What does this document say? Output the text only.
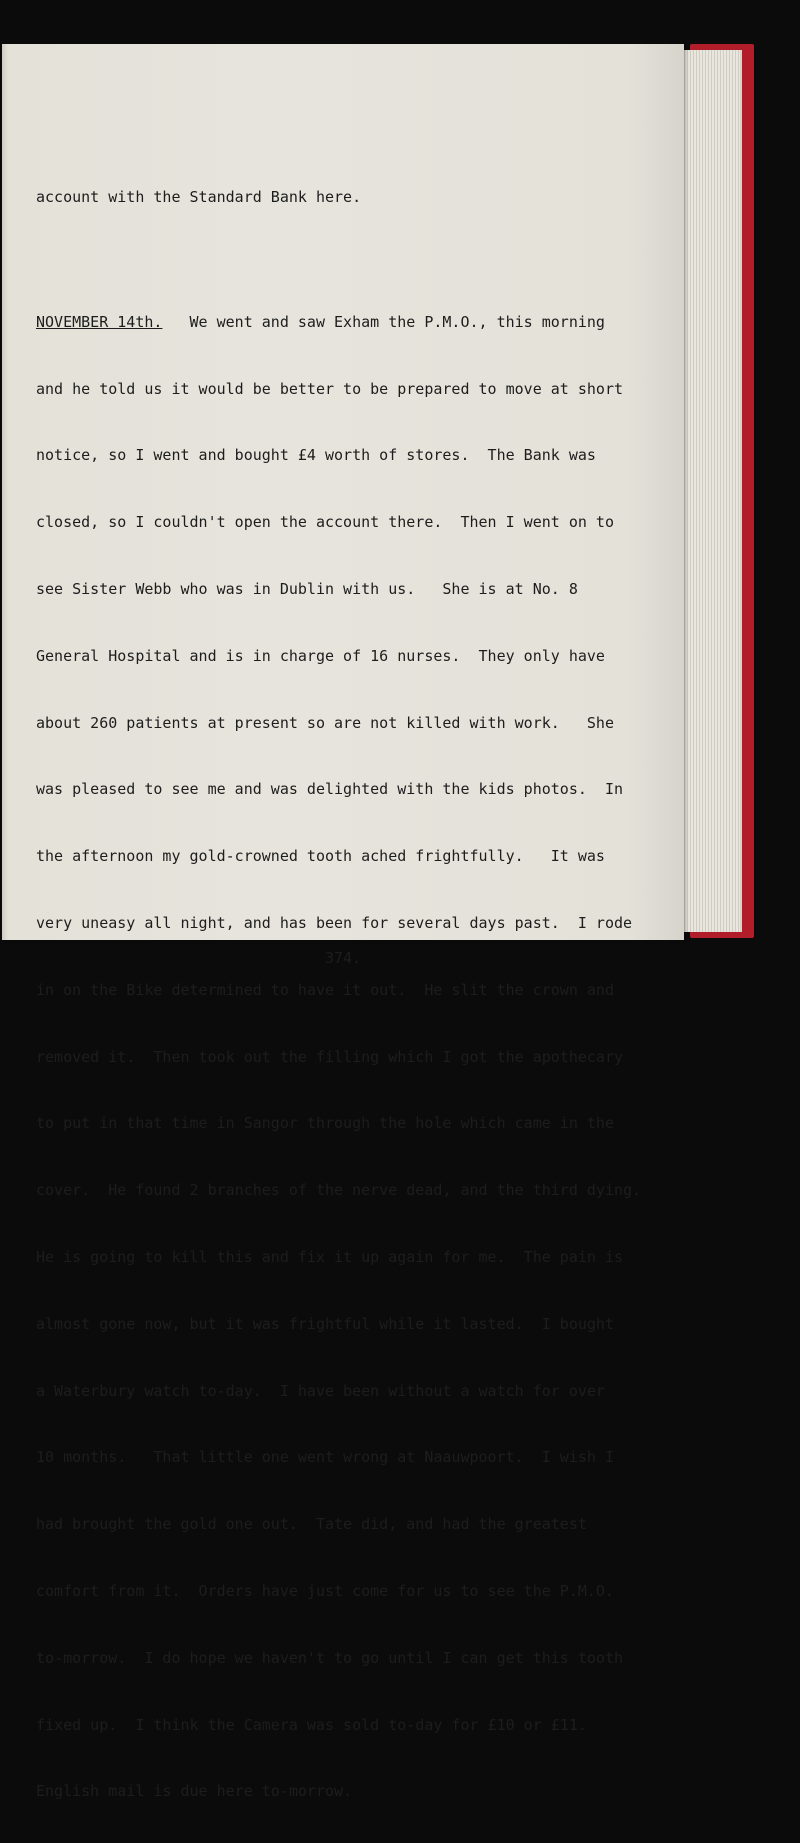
account with the Standard Bank here.

NOVEMBER 14th. We went and saw Exham the P.M.O., this morning

and he told us it would be better to be prepared to move at short

notice, so I went and bought £4 worth of stores.  The Bank was

closed, so I couldn't open the account there.  Then I went on to

see Sister Webb who was in Dublin with us.   She is at No. 8

General Hospital and is in charge of 16 nurses.  They only have

about 260 patients at present so are not killed with work.   She

was pleased to see me and was delighted with the kids photos.  In

the afternoon my gold-crowned tooth ached frightfully.   It was

very uneasy all night, and has been for several days past.  I rode

in on the Bike determined to have it out.  He slit the crown and

removed it.  Then took out the filling which I got the apothecary

to put in that time in Sangor through the hole which came in the

cover.  He found 2 branches of the nerve dead, and the third dying.

He is going to kill this and fix it up again for me.  The pain is

almost gone now, but it was frightful while it lasted.  I bought

a Waterbury watch to-day.  I have been without a watch for over

10 months.   That little one went wrong at Naauwpoort.  I wish I

had brought the gold one out.  Tate did, and had the greatest

comfort from it.  Orders have just come for us to see the P.M.O.

to-morrow.  I do hope we haven't to go until I can get this tooth

fixed up.  I think the Camera was sold to-day for £10 or £11.

English mail is due here to-morrow.

374.
